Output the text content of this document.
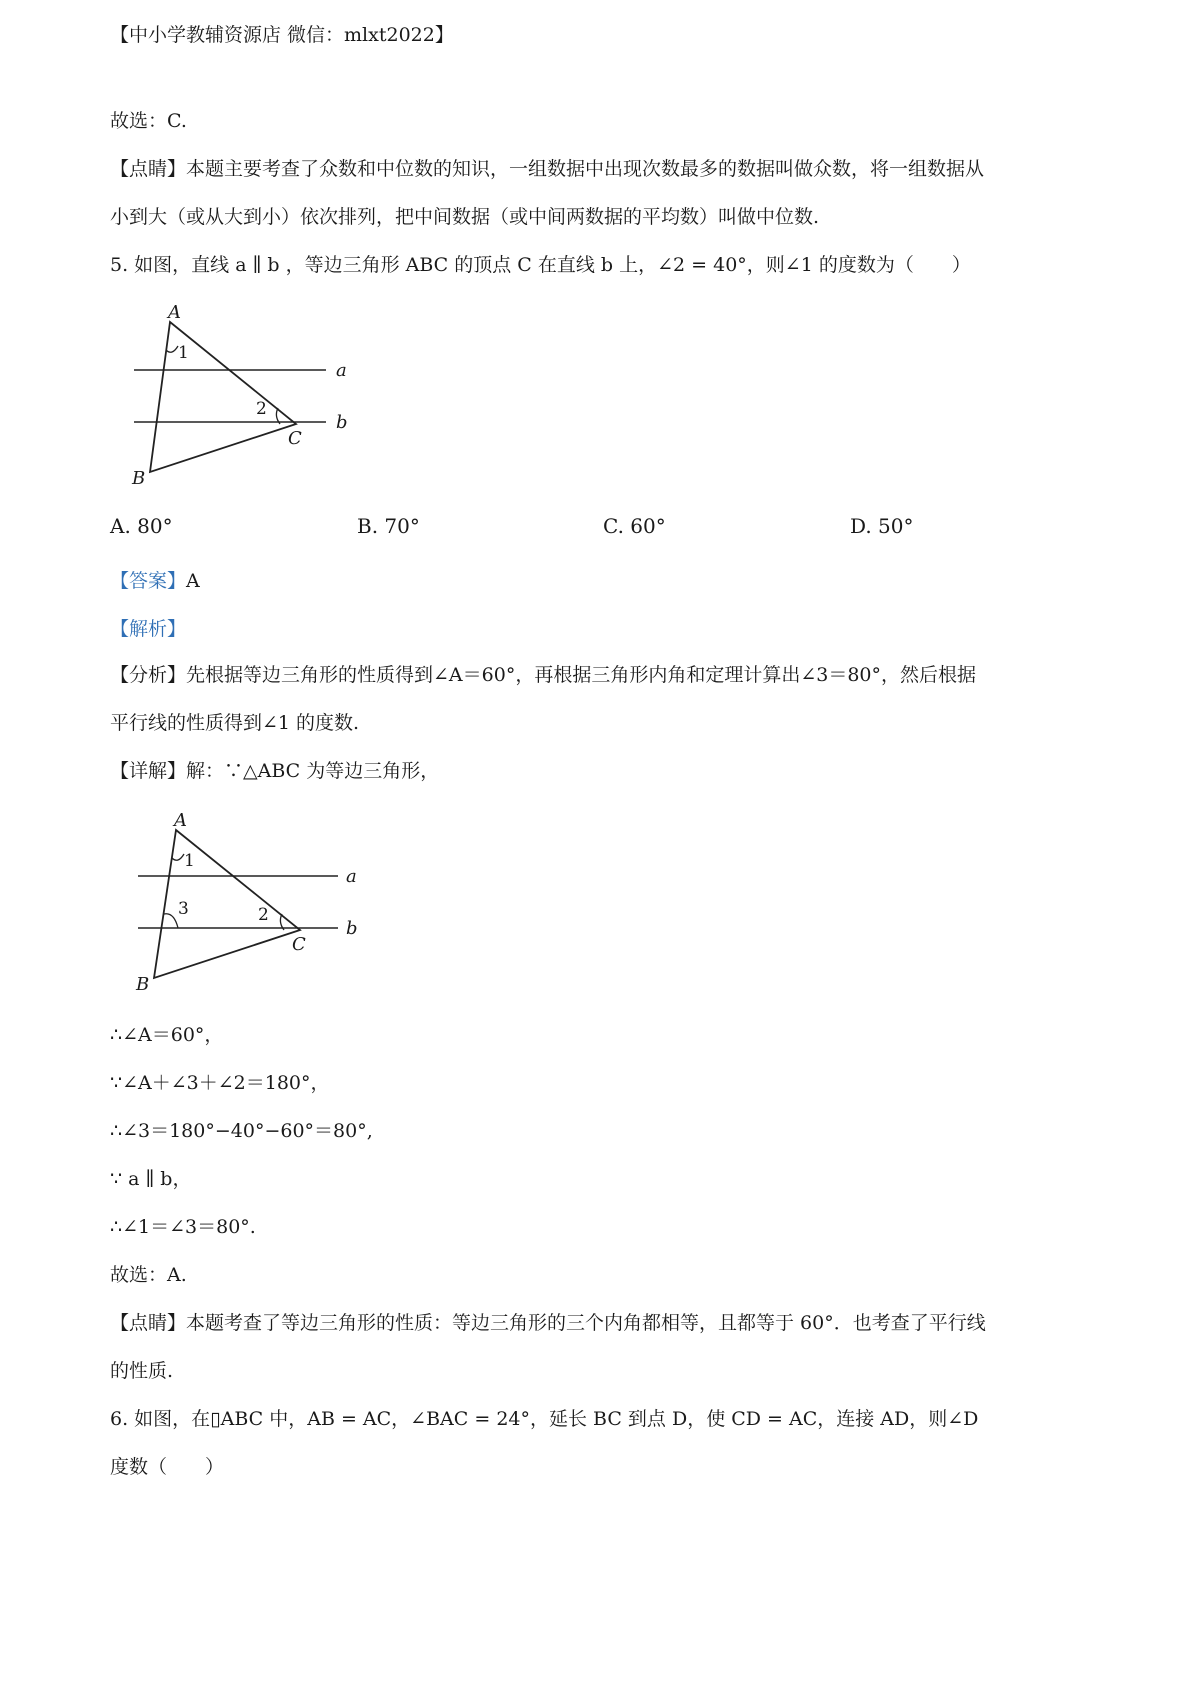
【中小学教辅资源店 微信：mlxt2022】
故选：C.
【点睛】本题主要考查了众数和中位数的知识，一组数据中出现次数最多的数据叫做众数，将一组数据从
小到大（或从大到小）依次排列，把中间数据（或中间两数据的平均数）叫做中位数.
5. 如图，直线 a ∥ b ，等边三角形 ABC 的顶点 C 在直线 b 上，∠2 = 40°，则∠1 的度数为（　　）
A
B
C
a
b
1
2
A. 80°	B. 70°	C. 60°	D. 50°
【答案】A
【解析】
【分析】先根据等边三角形的性质得到∠A＝60°，再根据三角形内角和定理计算出∠3＝80°，然后根据
平行线的性质得到∠1 的度数.
【详解】解：∵△ABC 为等边三角形，
A
B
C
a
b
1
2
3
∴∠A＝60°，
∵∠A＋∠3＋∠2＝180°，
∴∠3＝180°−40°−60°＝80°,
∵ a ∥ b，
∴∠1＝∠3＝80°.
故选：A.
【点睛】本题考查了等边三角形的性质：等边三角形的三个内角都相等，且都等于 60°．也考查了平行线
的性质.
6. 如图，在▯ABC 中，AB = AC，∠BAC = 24°，延长 BC 到点 D，使 CD = AC，连接 AD，则∠D
度数（　　）
